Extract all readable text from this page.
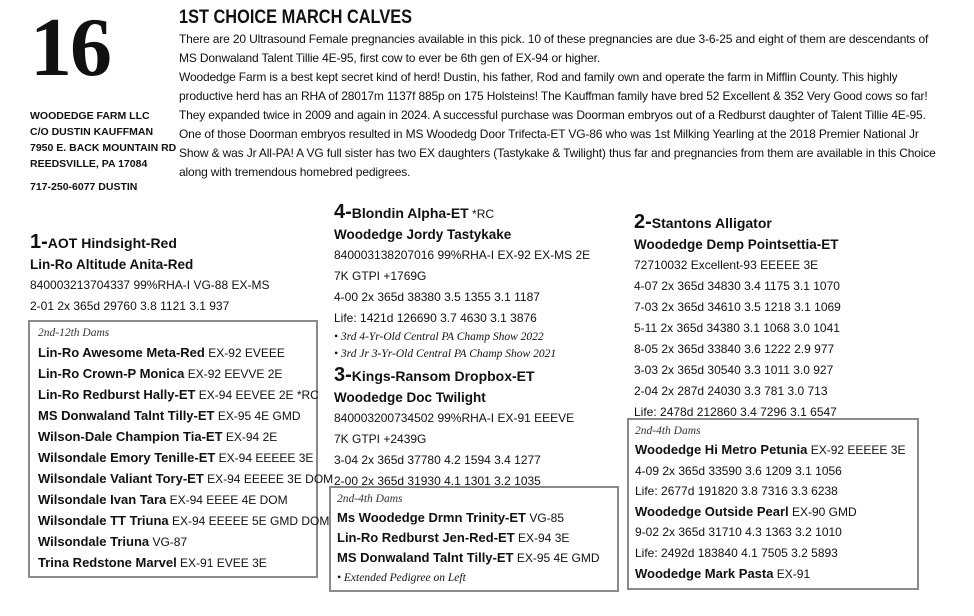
16
WOODEDGE FARM LLC
C/O DUSTIN KAUFFMAN
7950 E. BACK MOUNTAIN RD
REEDSVILLE, PA 17084
717-250-6077 DUSTIN
1ST CHOICE MARCH CALVES

There are 20 Ultrasound Female pregnancies available in this pick. 10 of these pregnancies are due 3-6-25 and eight of them are descendants of MS Donwaland Talent Tillie 4E-95, first cow to ever be 6th gen of EX-94 or higher.

Woodedge Farm is a best kept secret kind of herd! Dustin, his father, Rod and family own and operate the farm in Mifflin County. This highly productive herd has an RHA of 28017m 1137f 885p on 175 Holsteins! The Kauffman family have bred 52 Excellent & 352 Very Good cows so far! They expanded twice in 2009 and again in 2024. A successful purchase was Doorman embryos out of a Redburst daughter of Talent Tillie 4E-95. One of those Doorman embryos resulted in MS Woodedg Door Trifecta-ET VG-86 who was 1st Milking Yearling at the 2018 Premier National Jr Show & was Jr All-PA! A VG full sister has two EX daughters (Tastykake & Twilight) thus far and pregnancies from them are available in this Choice along with tremendous homebred pedigrees.

1-AOT Hindsight-Red
Lin-Ro Altitude Anita-Red
840003213704337 99%RHA-I VG-88 EX-MS
2-01 2x 365d 29760 3.8 1121 3.1 937
2nd-12th Dams
Lin-Ro Awesome Meta-Red EX-92 EVEEE
Lin-Ro Crown-P Monica EX-92 EEVVE 2E
Lin-Ro Redburst Hally-ET EX-94 EEVEE 2E *RC
MS Donwaland Talnt Tilly-ET EX-95 4E GMD
Wilson-Dale Champion Tia-ET EX-94 2E
Wilsondale Emory Tenille-ET EX-94 EEEEE 3E
Wilsondale Valiant Tory-ET EX-94 EEEEE 3E DOM
Wilsondale Ivan Tara EX-94 EEEE 4E DOM
Wilsondale TT Triuna EX-94 EEEEE 5E GMD DOM
Wilsondale Triuna VG-87
Trina Redstone Marvel EX-91 EVEE 3E
4-Blondin Alpha-ET *RC
Woodedge Jordy Tastykake
840003138207016 99%RHA-I EX-92 EX-MS 2E
7K GTPI +1769G
4-00 2x 365d 38380 3.5 1355 3.1 1187
Life: 1421d 126690 3.7 4630 3.1 3876
• 3rd 4-Yr-Old Central PA Champ Show 2022
• 3rd Jr 3-Yr-Old Central PA Champ Show 2021
3-Kings-Ransom Dropbox-ET
Woodedge Doc Twilight
840003200734502 99%RHA-I EX-91 EEEVE
7K GTPI +2439G
3-04 2x 365d 37780 4.2 1594 3.4 1277
2-00 2x 365d 31930 4.1 1301 3.2 1035
2nd-4th Dams
Ms Woodedge Drmn Trinity-ET VG-85
Lin-Ro Redburst Jen-Red-ET EX-94 3E
MS Donwaland Talnt Tilly-ET EX-95 4E GMD
• Extended Pedigree on Left
2-Stantons Alligator
Woodedge Demp Pointsettia-ET
72710032 Excellent-93 EEEEE 3E
4-07 2x 365d 34830 3.4 1175 3.1 1070
7-03 2x 365d 34610 3.5 1218 3.1 1069
5-11 2x 365d 34380 3.1 1068 3.0 1041
8-05 2x 365d 33840 3.6 1222 2.9 977
3-03 2x 365d 30540 3.3 1011 3.0 927
2-04 2x 287d 24030 3.3 781 3.0 713
Life: 2478d 212860 3.4 7296 3.1 6547
2nd-4th Dams
Woodedge Hi Metro Petunia EX-92 EEEEE 3E
4-09 2x 365d 33590 3.6 1209 3.1 1056
Life: 2677d 191820 3.8 7316 3.3 6238
Woodedge Outside Pearl EX-90 GMD
9-02 2x 365d 31710 4.3 1363 3.2 1010
Life: 2492d 183840 4.1 7505 3.2 5893
Woodedge Mark Pasta EX-91
